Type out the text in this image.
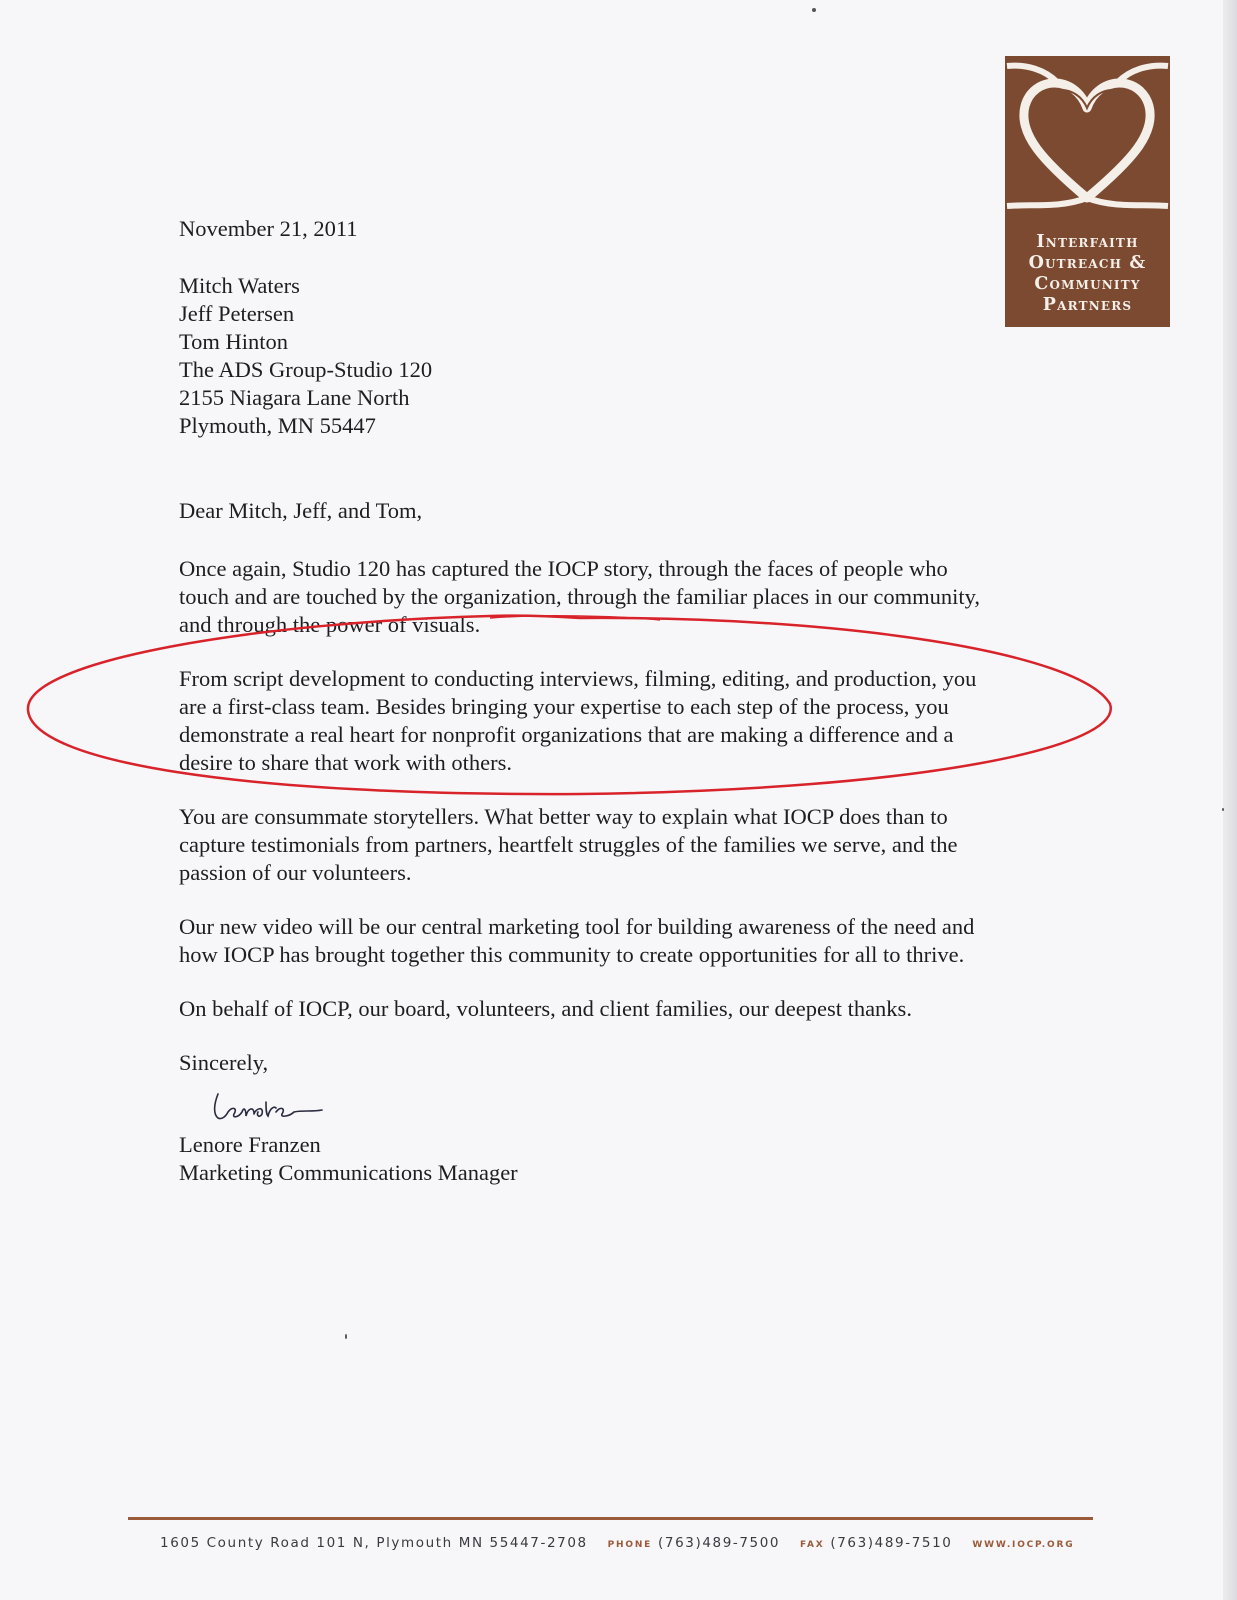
Interfaith
Outreach &
Community
Partners
November 21, 2011
Mitch Waters
Jeff Petersen
Tom Hinton
The ADS Group-Studio 120
2155 Niagara Lane North
Plymouth, MN 55447
Dear Mitch, Jeff, and Tom,
Once again, Studio 120 has captured the IOCP story, through the faces of people who
touch and are touched by the organization, through the familiar places in our community,
and through the power of visuals.
From script development to conducting interviews, filming, editing, and production, you
are a first-class team. Besides bringing your expertise to each step of the process, you
demonstrate a real heart for nonprofit organizations that are making a difference and a
desire to share that work with others.
You are consummate storytellers. What better way to explain what IOCP does than to
capture testimonials from partners, heartfelt struggles of the families we serve, and the
passion of our volunteers.
Our new video will be our central marketing tool for building awareness of the need and
how IOCP has brought together this community to create opportunities for all to thrive.
On behalf of IOCP, our board, volunteers, and client families, our deepest thanks.
Sincerely,
Lenore Franzen
Marketing Communications Manager
1605 County Road 101 N, Plymouth MN 55447-2708 PHONE (763)489-7500 FAX (763)489-7510 WWW.IOCP.ORG
